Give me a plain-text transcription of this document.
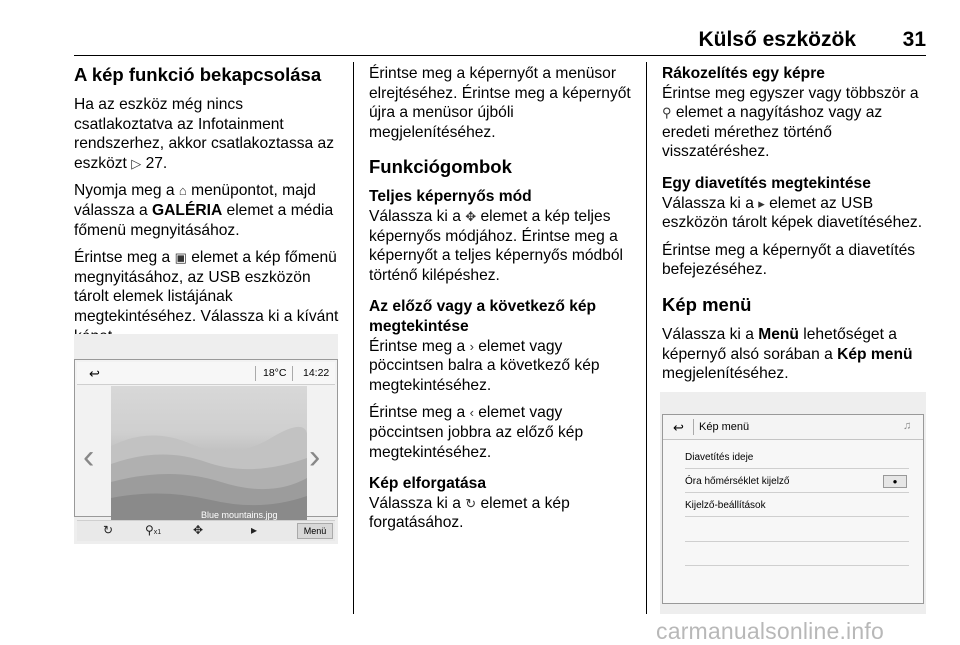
Külső eszközök 31
A kép funkció bekapcsolása

Ha az eszköz még nincs csatlakoztatva az Infotainment rendszerhez, akkor csatlakoztassa az eszközt ▷ 27.

Nyomja meg a ⌂ menüpontot, majd válassza a GALÉRIA elemet a média főmenü megnyitásához.

Érintse meg a ▣ elemet a kép főmenü megnyitásához, az USB eszközön tárolt elemek listájának megtekintéséhez. Válassza ki a kívánt

↩	18°C 14:22
Blue mountains.jpg
‹	›
↻	⚲x1	✥	▸	Menü

Érintse meg a képernyőt a menüsor elrejtéséhez. Érintse meg a képernyőt újra a menüsor újbóli megjelenítéséhez.

Funkciógombok
Teljes képernyős mód

Válassza ki a ✥ elemet a kép teljes képernyős módjához. Érintse meg a képernyőt a teljes képernyős módból történő kilépéshez.

Az előző vagy a következő kép megtekintése

Érintse meg a › elemet vagy pöccintsen balra a következő kép megtekintéséhez.

Érintse meg a ‹ elemet vagy pöccintsen jobbra az előző kép megtekintéséhez.

Kép elforgatása

Válassza ki a ↻ elemet a kép forgatásához.

Rákozelítés egy képre

Érintse meg egyszer vagy többször a ⚲ elemet a nagyításhoz vagy az eredeti mérethez történő visszatéréshez.

Egy diavetítés megtekintése

Válassza ki a ▸ elemet az USB eszközön tárolt képek diavetítéséhez.

Érintse meg a képernyőt a diavetítés befejezéséhez.

Kép menü

Válassza ki a Menü lehetőséget a képernyő alsó sorában a Kép menü megjelenítéséhez.

↩ Kép menü	♫
Diavetítés ideje
Óra hőmérséklet kijelző	●
Kijelző-beállítások
carmanualsonline.info
